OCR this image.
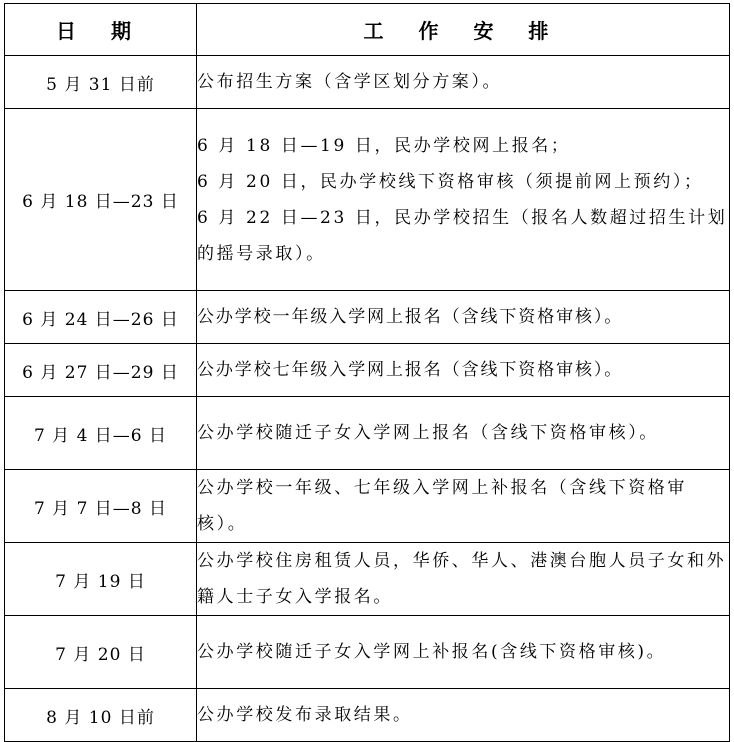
日 期	工 作 安 排
5 月 31 日前	公布招生方案（含学区划分方案）。

6 月 18 日—23 日	6 月 18 日—19 日，民办学校网上报名；
6 月 20 日，民办学校线下资格审核（须提前网上预约）；
6 月 22 日—23 日，民办学校招生（报名人数超过招生计划的摇号录取）。

6 月 24 日—26 日	公办学校一年级入学网上报名（含线下资格审核）。

6 月 27 日—29 日	公办学校七年级入学网上报名（含线下资格审核）。

7 月 4 日—6 日	公办学校随迁子女入学网上报名（含线下资格审核）。

7 月 7 日—8 日	公办学校一年级、七年级入学网上补报名（含线下资格审核）。

7 月 19 日	公办学校住房租赁人员，华侨、华人、港澳台胞人员子女和外籍人士子女入学报名。

7 月 20 日	公办学校随迁子女入学网上补报名(含线下资格审核)。

8 月 10 日前	公办学校发布录取结果。
